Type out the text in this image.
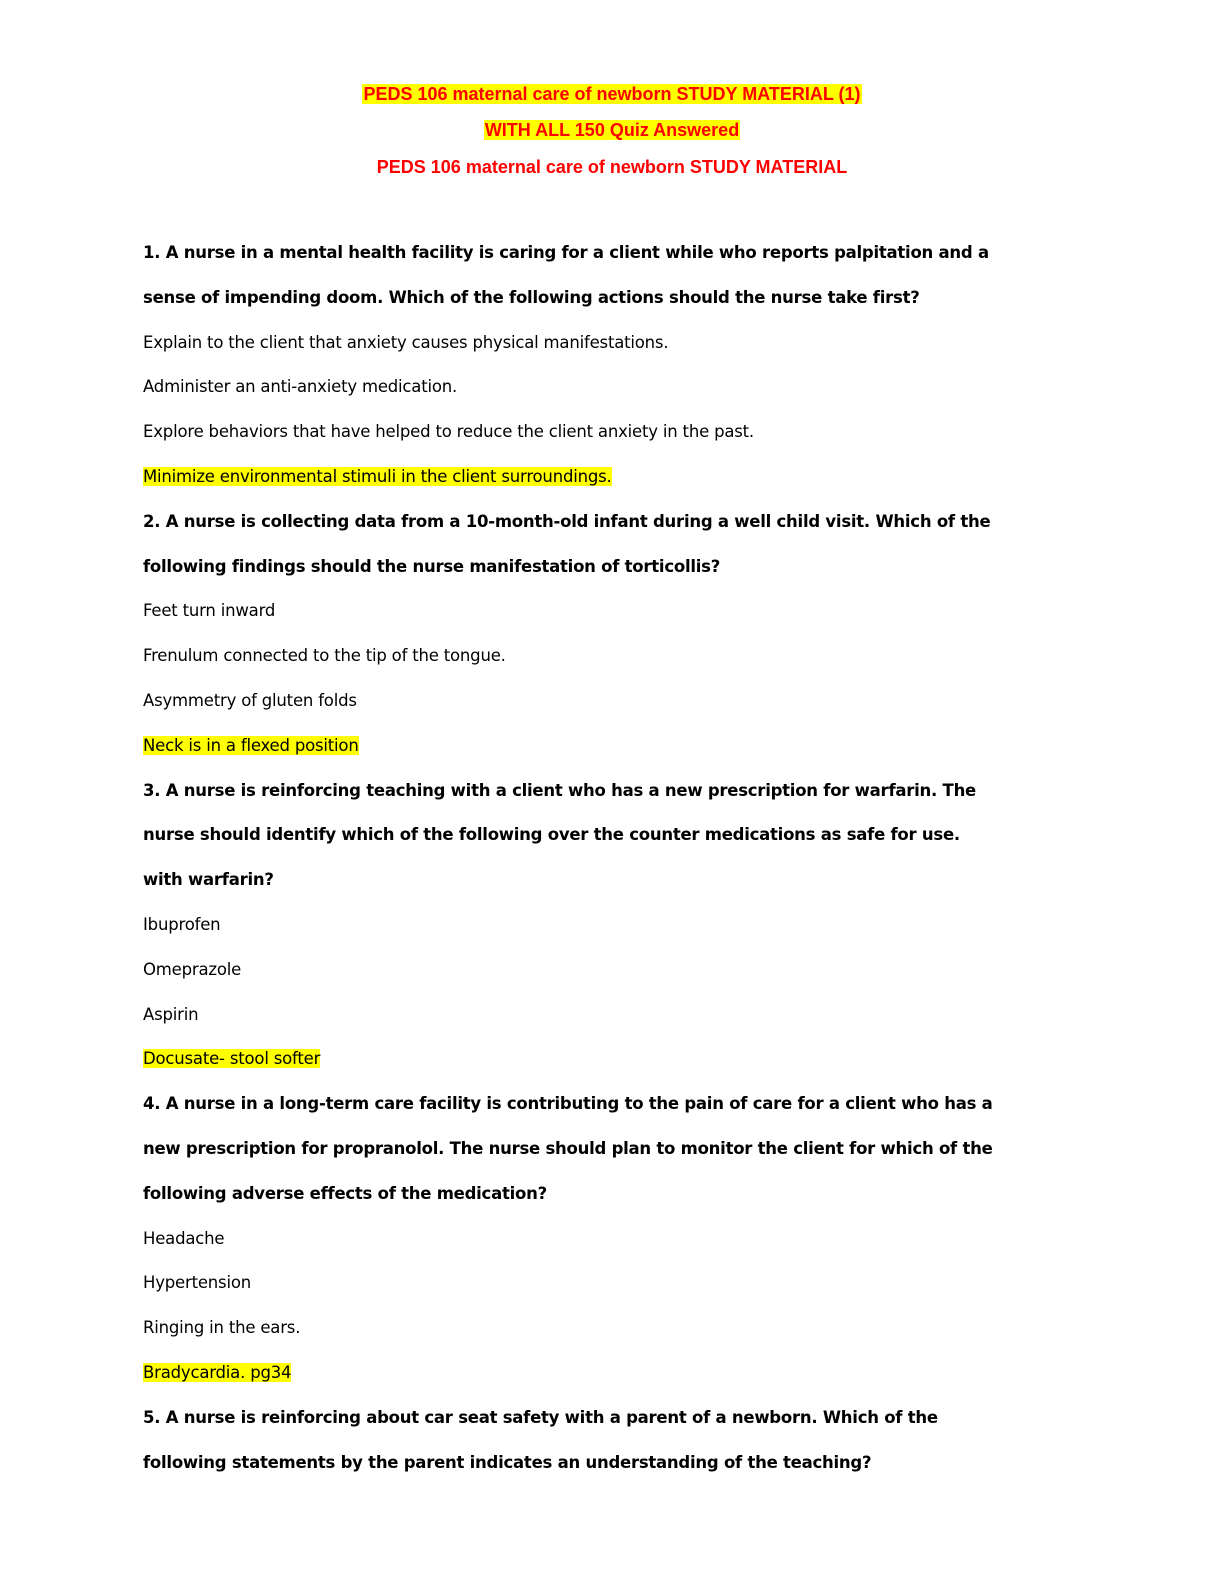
PEDS 106 maternal care of newborn STUDY MATERIAL (1)
WITH ALL 150 Quiz Answered
PEDS 106 maternal care of newborn STUDY MATERIAL
1. A nurse in a mental health facility is caring for a client while who reports palpitation and a
sense of impending doom. Which of the following actions should the nurse take first?
Explain to the client that anxiety causes physical manifestations.
Administer an anti-anxiety medication.
Explore behaviors that have helped to reduce the client anxiety in the past.
Minimize environmental stimuli in the client surroundings.
2. A nurse is collecting data from a 10-month-old infant during a well child visit. Which of the
following findings should the nurse manifestation of torticollis?
Feet turn inward
Frenulum connected to the tip of the tongue.
Asymmetry of gluten folds
Neck is in a flexed position
3. A nurse is reinforcing teaching with a client who has a new prescription for warfarin. The
nurse should identify which of the following over the counter medications as safe for use.
with warfarin?
Ibuprofen
Omeprazole
Aspirin
Docusate- stool softer
4. A nurse in a long-term care facility is contributing to the pain of care for a client who has a
new prescription for propranolol. The nurse should plan to monitor the client for which of the
following adverse effects of the medication?
Headache
Hypertension
Ringing in the ears.
Bradycardia. pg34
5. A nurse is reinforcing about car seat safety with a parent of a newborn. Which of the
following statements by the parent indicates an understanding of the teaching?
